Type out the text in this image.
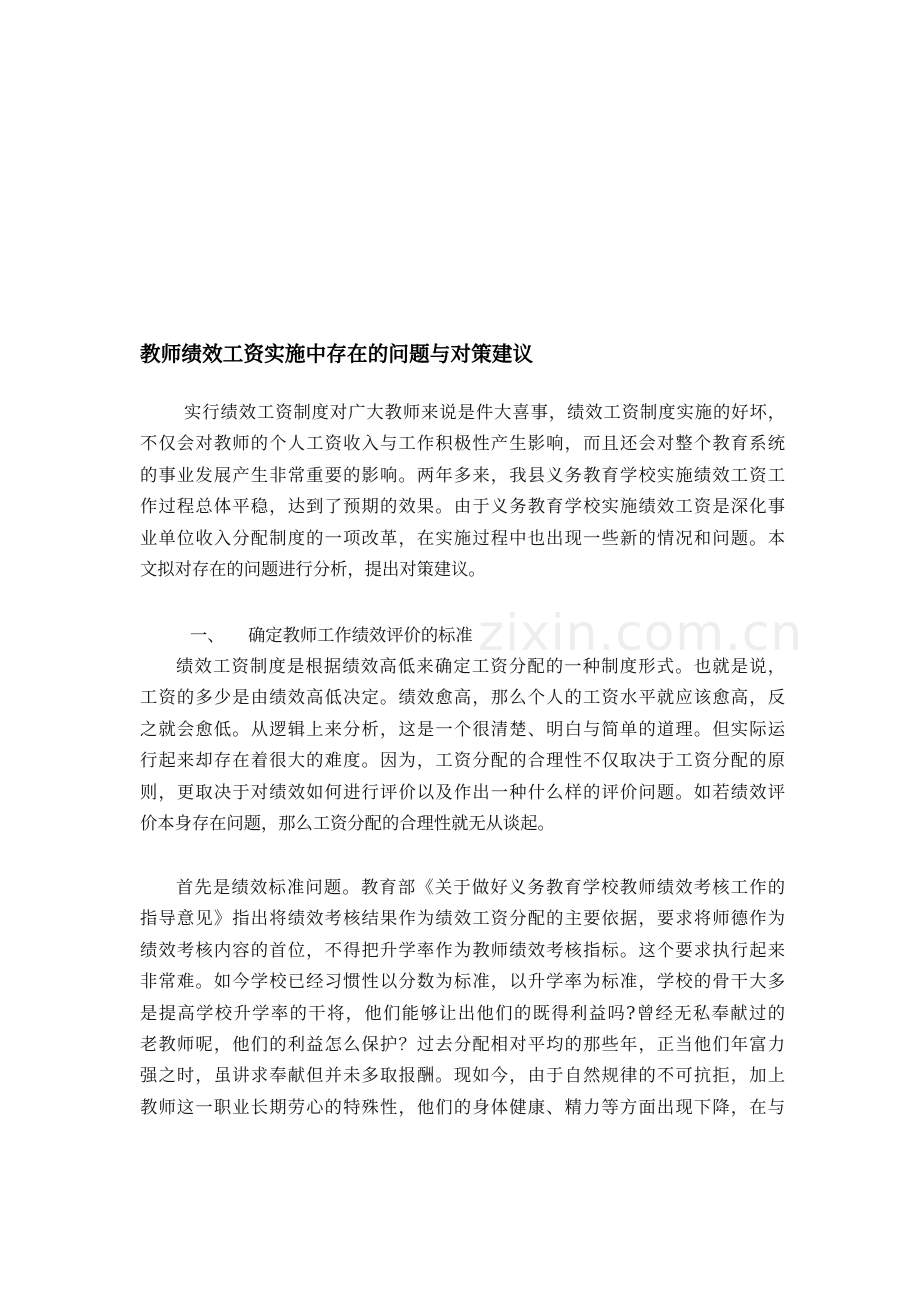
教师绩效工资实施中存在的问题与对策建议
实行绩效工资制度对广大教师来说是件大喜事，绩效工资制度实施的好坏，
不仅会对教师的个人工资收入与工作积极性产生影响，而且还会对整个教育系统
的事业发展产生非常重要的影响。两年多来，我县义务教育学校实施绩效工资工
作过程总体平稳，达到了预期的效果。由于义务教育学校实施绩效工资是深化事
业单位收入分配制度的一项改革，在实施过程中也出现一些新的情况和问题。本
文拟对存在的问题进行分析，提出对策建议。
一、 确定教师工作绩效评价的标准
绩效工资制度是根据绩效高低来确定工资分配的一种制度形式。也就是说，
工资的多少是由绩效高低决定。绩效愈高，那么个人的工资水平就应该愈高，反
之就会愈低。从逻辑上来分析，这是一个很清楚、明白与简单的道理。但实际运
行起来却存在着很大的难度。因为，工资分配的合理性不仅取决于工资分配的原
则，更取决于对绩效如何进行评价以及作出一种什么样的评价问题。如若绩效评
价本身存在问题，那么工资分配的合理性就无从谈起。
首先是绩效标准问题。教育部《关于做好义务教育学校教师绩效考核工作的
指导意见》指出将绩效考核结果作为绩效工资分配的主要依据，要求将师德作为
绩效考核内容的首位，不得把升学率作为教师绩效考核指标。这个要求执行起来
非常难。如今学校已经习惯性以分数为标准，以升学率为标准，学校的骨干大多
是提高学校升学率的干将，他们能够让出他们的既得利益吗?曾经无私奉献过的
老教师呢，他们的利益怎么保护？过去分配相对平均的那些年，正当他们年富力
强之时，虽讲求奉献但并未多取报酬。现如今，由于自然规律的不可抗拒，加上
教师这一职业长期劳心的特殊性，他们的身体健康、精力等方面出现下降，在与
zixin.com.cn
